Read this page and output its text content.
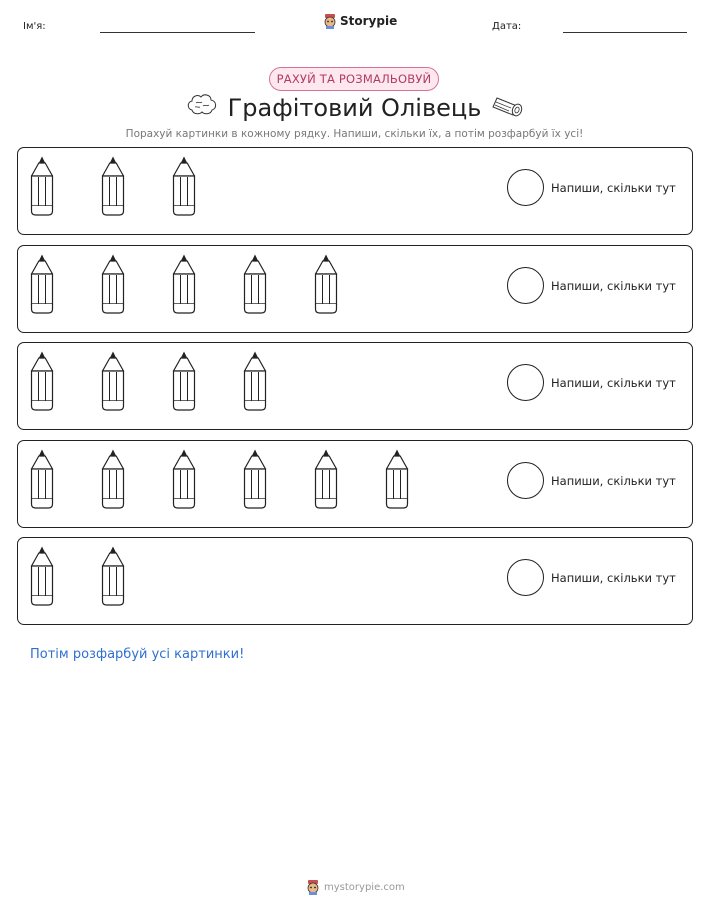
Ім'я:	Storypie	Дата:
РАХУЙ ТА РОЗМАЛЬОВУЙ
Графітовий Олівець
Порахуй картинки в кожному рядку. Напиши, скільки їх, а потім розфарбуй їх усі!
Напиши, скільки тут
Напиши, скільки тут
Напиши, скільки тут
Напиши, скільки тут
Напиши, скільки тут
Потім розфарбуй усі картинки!
mystorypie.com
